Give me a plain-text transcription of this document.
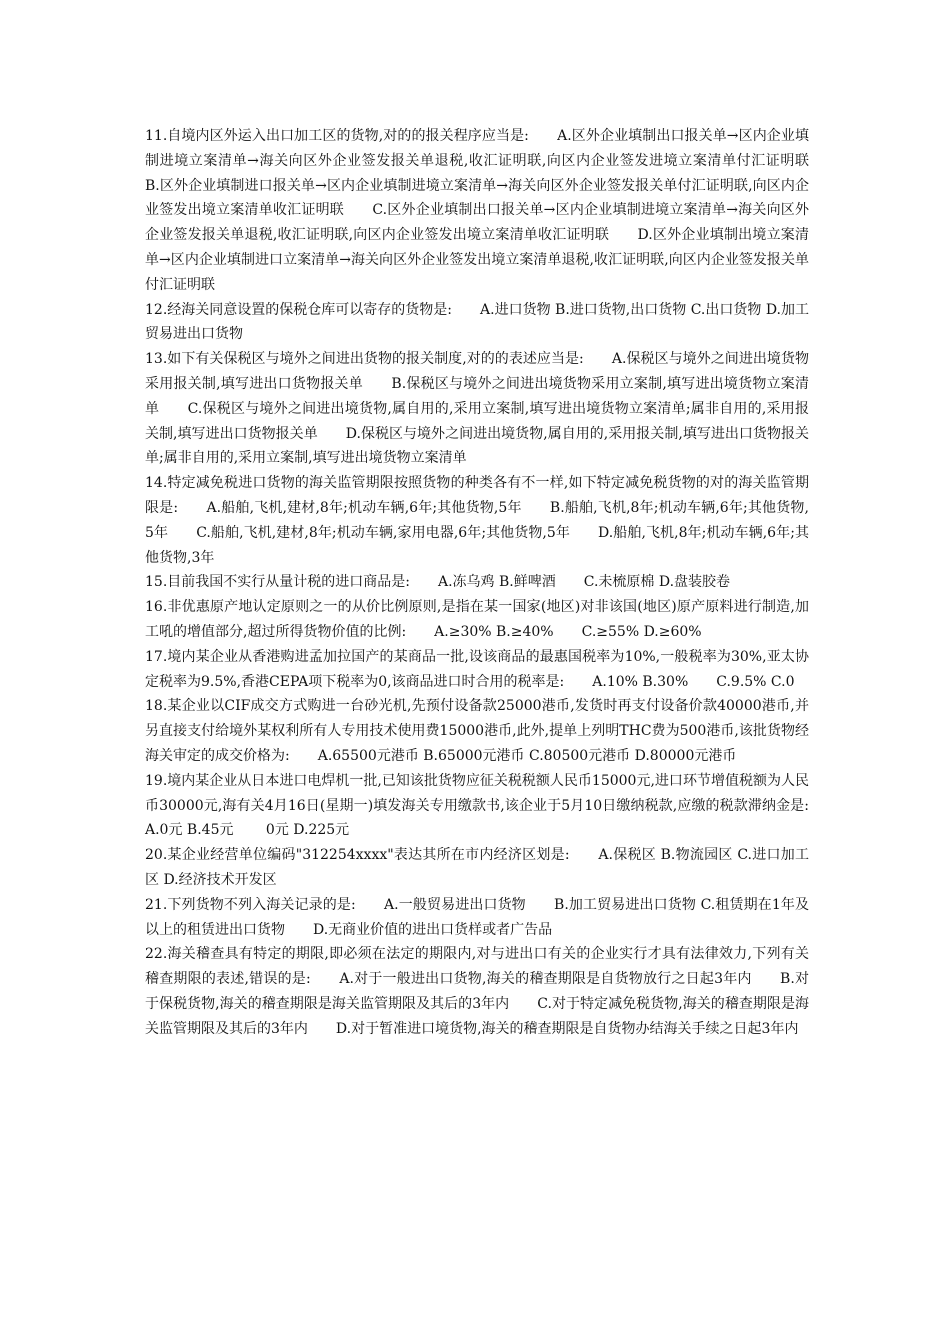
11.自境内区外运入出口加工区的货物,对的的报关程序应当是:　　A.区外企业填制出口报关单→区内企业填制进境立案清单→海关向区外企业签发报关单退税,收汇证明联,向区内企业签发进境立案清单付汇证明联　　B.区外企业填制进口报关单→区内企业填制进境立案清单→海关向区外企业签发报关单付汇证明联,向区内企业签发出境立案清单收汇证明联　　C.区外企业填制出口报关单→区内企业填制进境立案清单→海关向区外企业签发报关单退税,收汇证明联,向区内企业签发出境立案清单收汇证明联　　D.区外企业填制出境立案清单→区内企业填制进口立案清单→海关向区外企业签发出境立案清单退税,收汇证明联,向区内企业签发报关单付汇证明联

12.经海关同意设置的保税仓库可以寄存的货物是:　　A.进口货物 B.进口货物,出口货物 C.出口货物 D.加工贸易进出口货物

13.如下有关保税区与境外之间进出货物的报关制度,对的的表述应当是:　　A.保税区与境外之间进出境货物采用报关制,填写进出口货物报关单　　B.保税区与境外之间进出境货物采用立案制,填写进出境货物立案清单　　C.保税区与境外之间进出境货物,属自用的,采用立案制,填写进出境货物立案清单;属非自用的,采用报关制,填写进出口货物报关单　　D.保税区与境外之间进出境货物,属自用的,采用报关制,填写进出口货物报关单;属非自用的,采用立案制,填写进出境货物立案清单

14.特定减免税进口货物的海关监管期限按照货物的种类各有不一样,如下特定减免税货物的对的海关监管期限是:　　A.船舶,飞机,建材,8年;机动车辆,6年;其他货物,5年　　B.船舶,飞机,8年;机动车辆,6年;其他货物,5年　　C.船舶,飞机,建材,8年;机动车辆,家用电器,6年;其他货物,5年　　D.船舶,飞机,8年;机动车辆,6年;其他货物,3年

15.目前我国不实行从量计税的进口商品是:　　A.冻乌鸡 B.鲜啤酒　　C.未梳原棉 D.盘装胶卷

16.非优惠原产地认定原则之一的从价比例原则,是指在某一国家(地区)对非该国(地区)原产原料进行制造,加工吼的增值部分,超过所得货物价值的比例:　　A.≥30% B.≥40%　　C.≥55% D.≥60%

17.境内某企业从香港购进孟加拉国产的某商品一批,设该商品的最惠国税率为10%,一般税率为30%,亚太协定税率为9.5%,香港CEPA项下税率为0,该商品进口时合用的税率是:　　A.10% B.30%　　C.9.5% C.0

18.某企业以CIF成交方式购进一台砂光机,先预付设备款25000港币,发货时再支付设备价款40000港币,并另直接支付给境外某权利所有人专用技术使用费15000港币,此外,提单上列明THC费为500港币,该批货物经海关审定的成交价格为:　　A.65500元港币 B.65000元港币 C.80500元港币 D.80000元港币

19.境内某企业从日本进口电焊机一批,已知该批货物应征关税税额人民币15000元,进口环节增值税额为人民币30000元,海有关4月16日(星期一)填发海关专用缴款书,该企业于5月10日缴纳税款,应缴的税款滞纳金是:　　A.0元 B.45元　　 0元 D.225元

20.某企业经营单位编码"312254xxxx"表达其所在市内经济区划是:　　A.保税区 B.物流园区 C.进口加工区 D.经济技术开发区

21.下列货物不列入海关记录的是:　　A.一般贸易进出口货物　　B.加工贸易进出口货物 C.租赁期在1年及以上的租赁进出口货物　　D.无商业价值的进出口货样或者广告品

22.海关稽查具有特定的期限,即必须在法定的期限内,对与进出口有关的企业实行才具有法律效力,下列有关稽查期限的表述,错误的是:　　A.对于一般进出口货物,海关的稽查期限是自货物放行之日起3年内　　B.对于保税货物,海关的稽查期限是海关监管期限及其后的3年内　　C.对于特定减免税货物,海关的稽查期限是海关监管期限及其后的3年内　　D.对于暂准进口境货物,海关的稽查期限是自货物办结海关手续之日起3年内
